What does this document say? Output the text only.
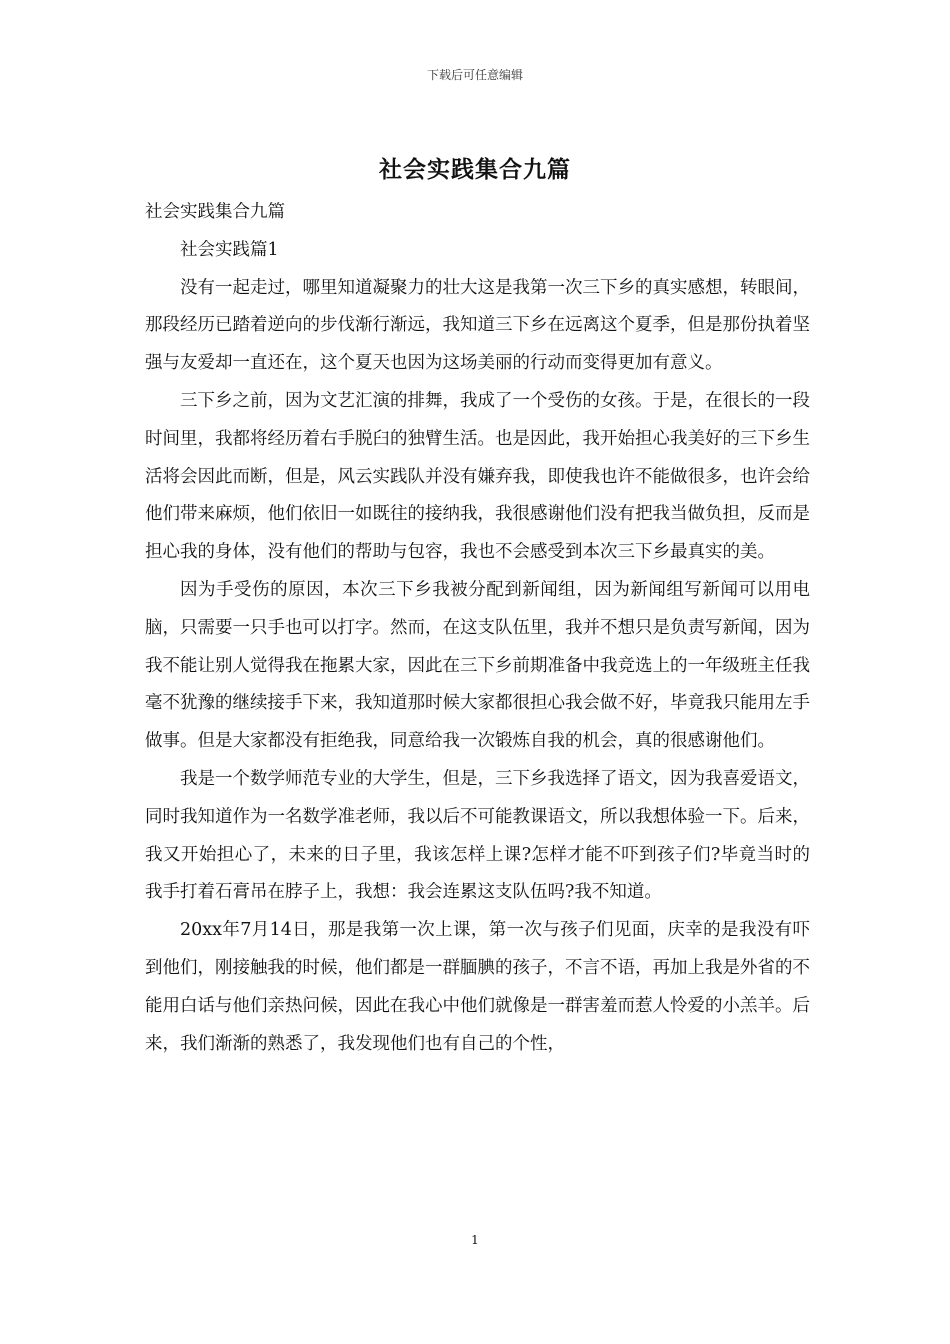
下载后可任意编辑
社会实践集合九篇

社会实践集合九篇

社会实践篇1

没有一起走过，哪里知道凝聚力的壮大这是我第一次三下乡的真实感想，转眼间，那段经历已踏着逆向的步伐渐行渐远，我知道三下乡在远离这个夏季，但是那份执着坚强与友爱却一直还在，这个夏天也因为这场美丽的行动而变得更加有意义。

三下乡之前，因为文艺汇演的排舞，我成了一个受伤的女孩。于是，在很长的一段时间里，我都将经历着右手脱臼的独臂生活。也是因此，我开始担心我美好的三下乡生活将会因此而断，但是，风云实践队并没有嫌弃我，即使我也许不能做很多，也许会给他们带来麻烦，他们依旧一如既往的接纳我，我很感谢他们没有把我当做负担，反而是担心我的身体，没有他们的帮助与包容，我也不会感受到本次三下乡最真实的美。

因为手受伤的原因，本次三下乡我被分配到新闻组，因为新闻组写新闻可以用电脑，只需要一只手也可以打字。然而，在这支队伍里，我并不想只是负责写新闻，因为我不能让别人觉得我在拖累大家，因此在三下乡前期准备中我竞选上的一年级班主任我毫不犹豫的继续接手下来，我知道那时候大家都很担心我会做不好，毕竟我只能用左手做事。但是大家都没有拒绝我，同意给我一次锻炼自我的机会，真的很感谢他们。

我是一个数学师范专业的大学生，但是，三下乡我选择了语文，因为我喜爱语文，同时我知道作为一名数学准老师，我以后不可能教课语文，所以我想体验一下。后来，我又开始担心了，未来的日子里，我该怎样上课?怎样才能不吓到孩子们?毕竟当时的我手打着石膏吊在脖子上，我想：我会连累这支队伍吗?我不知道。

20xx年7月14日，那是我第一次上课，第一次与孩子们见面，庆幸的是我没有吓到他们，刚接触我的时候，他们都是一群腼腆的孩子，不言不语，再加上我是外省的不能用白话与他们亲热问候，因此在我心中他们就像是一群害羞而惹人怜爱的小羔羊。后来，我们渐渐的熟悉了，我发现他们也有自己的个性，

1
